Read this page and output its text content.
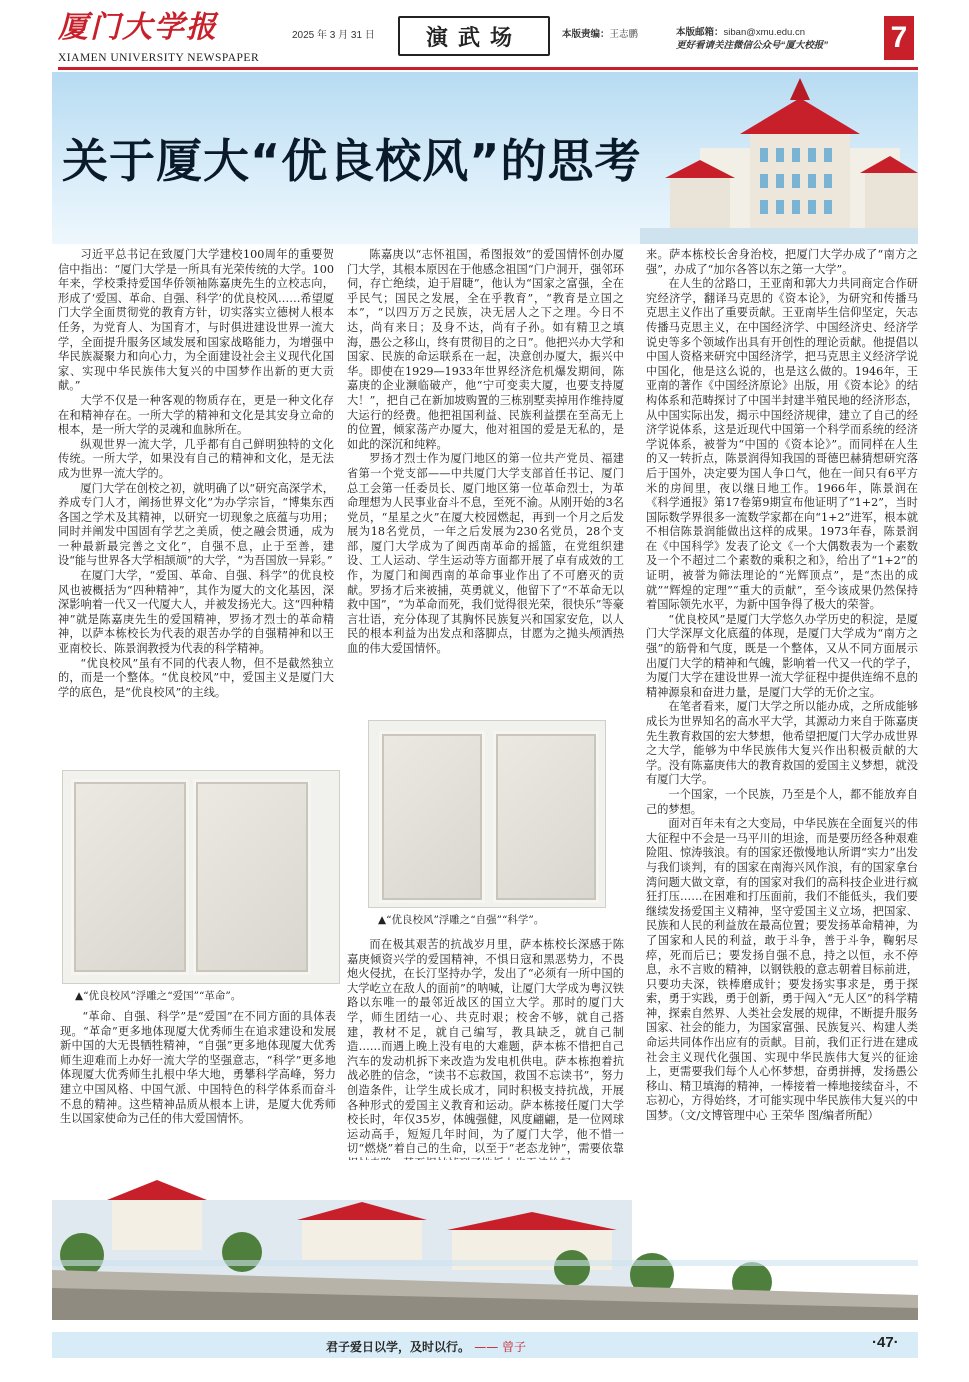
厦门大学报
XIAMEN UNIVERSITY NEWSPAPER
2025 年 3 月 31 日	演武场	本版责编：王志鹏	本版邮箱：siban@xmu.edu.cn
更好看请关注微信公众号“厦大校报” 7
关于厦大“优良校风”的思考

习近平总书记在致厦门大学建校100周年的重要贺信中指出：“厦门大学是一所具有光荣传统的大学。100年来，学校秉持爱国华侨领袖陈嘉庚先生的立校志向，形成了‘爱国、革命、自强、科学’的优良校风……希望厦门大学全面贯彻党的教育方针，切实落实立德树人根本任务，为党育人、为国育才，与时俱进建设世界一流大学，全面提升服务区域发展和国家战略能力，为增强中华民族凝聚力和向心力，为全面建设社会主义现代化国家、实现中华民族伟大复兴的中国梦作出新的更大贡献。”

大学不仅是一种客观的物质存在，更是一种文化存在和精神存在。一所大学的精神和文化是其安身立命的根本，是一所大学的灵魂和血脉所在。

纵观世界一流大学，几乎都有自己鲜明独特的文化传统。一所大学，如果没有自己的精神和文化，是无法成为世界一流大学的。

厦门大学在创校之初，就明确了以“研究高深学术，养成专门人才，阐扬世界文化”为办学宗旨，“博集东西各国之学术及其精神，以研究一切现象之底蕴与功用；同时并阐发中国固有学艺之美质，使之融会贯通，成为一种最新最完善之文化”，自强不息，止于至善，建设“能与世界各大学相颉颃”的大学，“为吾国放一异彩。”

在厦门大学，“爱国、革命、自强、科学”的优良校风也被概括为“四种精神”，其作为厦大的文化基因，深深影响着一代又一代厦大人，并被发扬光大。这“四种精神”就是陈嘉庚先生的爱国精神，罗扬才烈士的革命精神，以萨本栋校长为代表的艰苦办学的自强精神和以王亚南校长、陈景润教授为代表的科学精神。

“优良校风”虽有不同的代表人物，但不是截然独立的，而是一个整体。“优良校风”中，爱国主义是厦门大学的底色，是“优良校风”的主线。

▲“优良校风”浮雕之“爱国”“革命”。

“革命、自强、科学”是“爱国”在不同方面的具体表现。“革命”更多地体现厦大优秀师生在追求建设和发展新中国的大无畏牺牲精神，“自强”更多地体现厦大优秀师生迎难而上办好一流大学的坚强意志，“科学”更多地体现厦大优秀师生扎根中华大地，勇攀科学高峰，努力建立中国风格、中国气派、中国特色的科学体系而奋斗不息的精神。这些精神品质从根本上讲，是厦大优秀师生以国家使命为己任的伟大爱国情怀。

陈嘉庚以“志怀祖国，希图报效”的爱国情怀创办厦门大学，其根本原因在于他感念祖国“门户洞开，强邻环伺，存亡绝续，迫于眉睫”，他认为“国家之富强，全在乎民气；国民之发展，全在乎教育”，“教育是立国之本”，“以四万万之民族，决无居人之下之理。今日不达，尚有来日；及身不达，尚有子孙。如有精卫之填海，愚公之移山，终有贯彻目的之日”。他把兴办大学和国家、民族的命运联系在一起，决意创办厦大，振兴中华。即使在1929—1933年世界经济危机爆发期间，陈嘉庚的企业濒临破产，他“宁可变卖大厦，也要支持厦大！”，把自己在新加坡购置的三栋别墅卖掉用作维持厦大运行的经费。他把祖国利益、民族利益摆在至高无上的位置，倾家荡产办厦大，他对祖国的爱是无私的，是如此的深沉和纯粹。

罗扬才烈士作为厦门地区的第一位共产党员、福建省第一个党支部——中共厦门大学支部首任书记、厦门总工会第一任委员长、厦门地区第一位革命烈士，为革命理想为人民事业奋斗不息，至死不渝。从刚开始的3名党员，“星星之火”在厦大校园燃起，再到一个月之后发展为18名党员，一年之后发展为230名党员，28个支部，厦门大学成为了闽西南革命的摇篮，在党组织建设、工人运动、学生运动等方面都开展了卓有成效的工作，为厦门和闽西南的革命事业作出了不可磨灭的贡献。罗扬才后来被捕，英勇就义，他留下了“不革命无以救中国”，“为革命而死，我们觉得很光荣，很快乐”等豪言壮语，充分体现了其胸怀民族复兴和国家安危，以人民的根本利益为出发点和落脚点，甘愿为之抛头颅洒热血的伟大爱国情怀。

▲“优良校风”浮雕之“自强”“科学”。

而在极其艰苦的抗战岁月里，萨本栋校长深感于陈嘉庚倾资兴学的爱国精神，不惧日寇和黑恶势力，不畏炮火侵扰，在长汀坚持办学，发出了“必须有一所中国的大学屹立在敌人的面前”的呐喊，让厦门大学成为粤汉铁路以东唯一的最邻近战区的国立大学。那时的厦门大学，师生团结一心、共克时艰；校舍不够，就自己搭建，教材不足，就自己编写，教具缺乏，就自己制造……而遇上晚上没有电的大难题，萨本栋不惜把自己汽车的发动机拆下来改造为发电机供电。萨本栋抱着抗战必胜的信念，“读书不忘救国，救国不忘读书”，努力创造条件，让学生成长成才，同时积极支持抗战，开展各种形式的爱国主义教育和运动。萨本栋接任厦门大学校长时，年仅35岁，体魄强健，风度翩翩，是一位网球运动高手，短短几年时间，为了厦门大学，他不惜一切“燃烧”着自己的生命，以至于“老态龙钟”，需要依靠

来。萨本栋校长舍身治校，把厦门大学办成了“南方之强”，办成了“加尔各答以东之第一大学”。

在人生的岔路口，王亚南和郭大力共同商定合作研究经济学，翻译马克思的《资本论》，为研究和传播马克思主义作出了重要贡献。王亚南毕生信仰坚定，矢志传播马克思主义，在中国经济学、中国经济史、经济学说史等多个领域作出具有开创性的理论贡献。他提倡以中国人资格来研究中国经济学，把马克思主义经济学说中国化，他是这么说的，也是这么做的。1946年，王亚南的著作《中国经济原论》出版，用《资本论》的结构体系和范畴探讨了中国半封建半殖民地的经济形态，从中国实际出发，揭示中国经济规律，建立了自己的经济学说体系，这是近现代中国第一个科学而系统的经济学说体系，被誉为“中国的《资本论》”。而同样在人生的又一转折点，陈景润得知我国的哥德巴赫猜想研究落后于国外，决定要为国人争口气，他在一间只有6平方米的房间里，夜以继日地工作。1966年，陈景润在《科学通报》第17卷第9期宣布他证明了“1+2”，当时国际数学界很多一流数学家都在向“1+2”进军，根本就不相信陈景润能做出这样的成果。1973年春，陈景润在《中国科学》发表了论文《一个大偶数表为一个素数及一个不超过二个素数的乘积之和》，给出了“1+2”的证明，被誉为筛法理论的“光辉顶点”，是“杰出的成就”“辉煌的定理”“重大的贡献”，至今该成果仍然保持着国际领先水平，为新中国争得了极大的荣誉。

“优良校风”是厦门大学悠久办学历史的积淀，是厦门大学深厚文化底蕴的体现，是厦门大学成为“南方之强”的筋骨和气度，既是一个整体，又从不同方面展示出厦门大学的精神和气魄，影响着一代又一代的学子，为厦门大学在建设世界一流大学征程中提供连绵不息的精神源泉和奋进力量，是厦门大学的无价之宝。

在笔者看来，厦门大学之所以能办成，之所成能够成长为世界知名的高水平大学，其源动力来自于陈嘉庚先生教育救国的宏大梦想，他希望把厦门大学办成世界之大学，能够为中华民族伟大复兴作出积极贡献的大学。没有陈嘉庚伟大的教育救国的爱国主义梦想，就没有厦门大学。

一个国家，一个民族，乃至是个人，都不能放弃自己的梦想。

面对百年未有之大变局，中华民族在全面复兴的伟大征程中不会是一马平川的坦途，而是要历经各种艰难险阻、惊涛骇浪。有的国家还傲慢地认所谓“实力”出发与我们谈判，有的国家在南海兴风作浪，有的国家拿台湾问题大做文章，有的国家对我们的高科技企业进行疯狂打压……在困难和打压面前，我们不能低头，我们要继续发扬爱国主义精神，坚守爱国主义立场，把国家、民族和人民的利益放在最高位置；要发扬革命精神，为了国家和人民的利益，敢于斗争，善于斗争，鞠躬尽瘁，死而后已；要发扬自强不息，持之以恒，永不停息，永不言败的精神，以钢铁般的意志朝着目标前进，只要功夫深，铁棒磨成针；要发扬实事求是，勇于探索，勇于实践，勇于创新，勇于闯入“无人区”的科学精神，探索自然界、人类社会发展的规律，不断提升服务国家、社会的能力，为国家富强、民族复兴、构建人类命运共同体作出应有的贡献。目前，我们正行进在建成社会主义现代化强国、实现中华民族伟大复兴的征途上，更需要我们每个人心怀梦想，奋勇拼搏，发扬愚公移山、精卫填海的精神，一棒接着一棒地接续奋斗，不忘初心，方得始终，才可能实现中华民族伟大复兴的中国梦。（文/文博管理中心 王荣华 图/编者所配）

君子爱日以学，及时以行。 —— 曾子	·47·
